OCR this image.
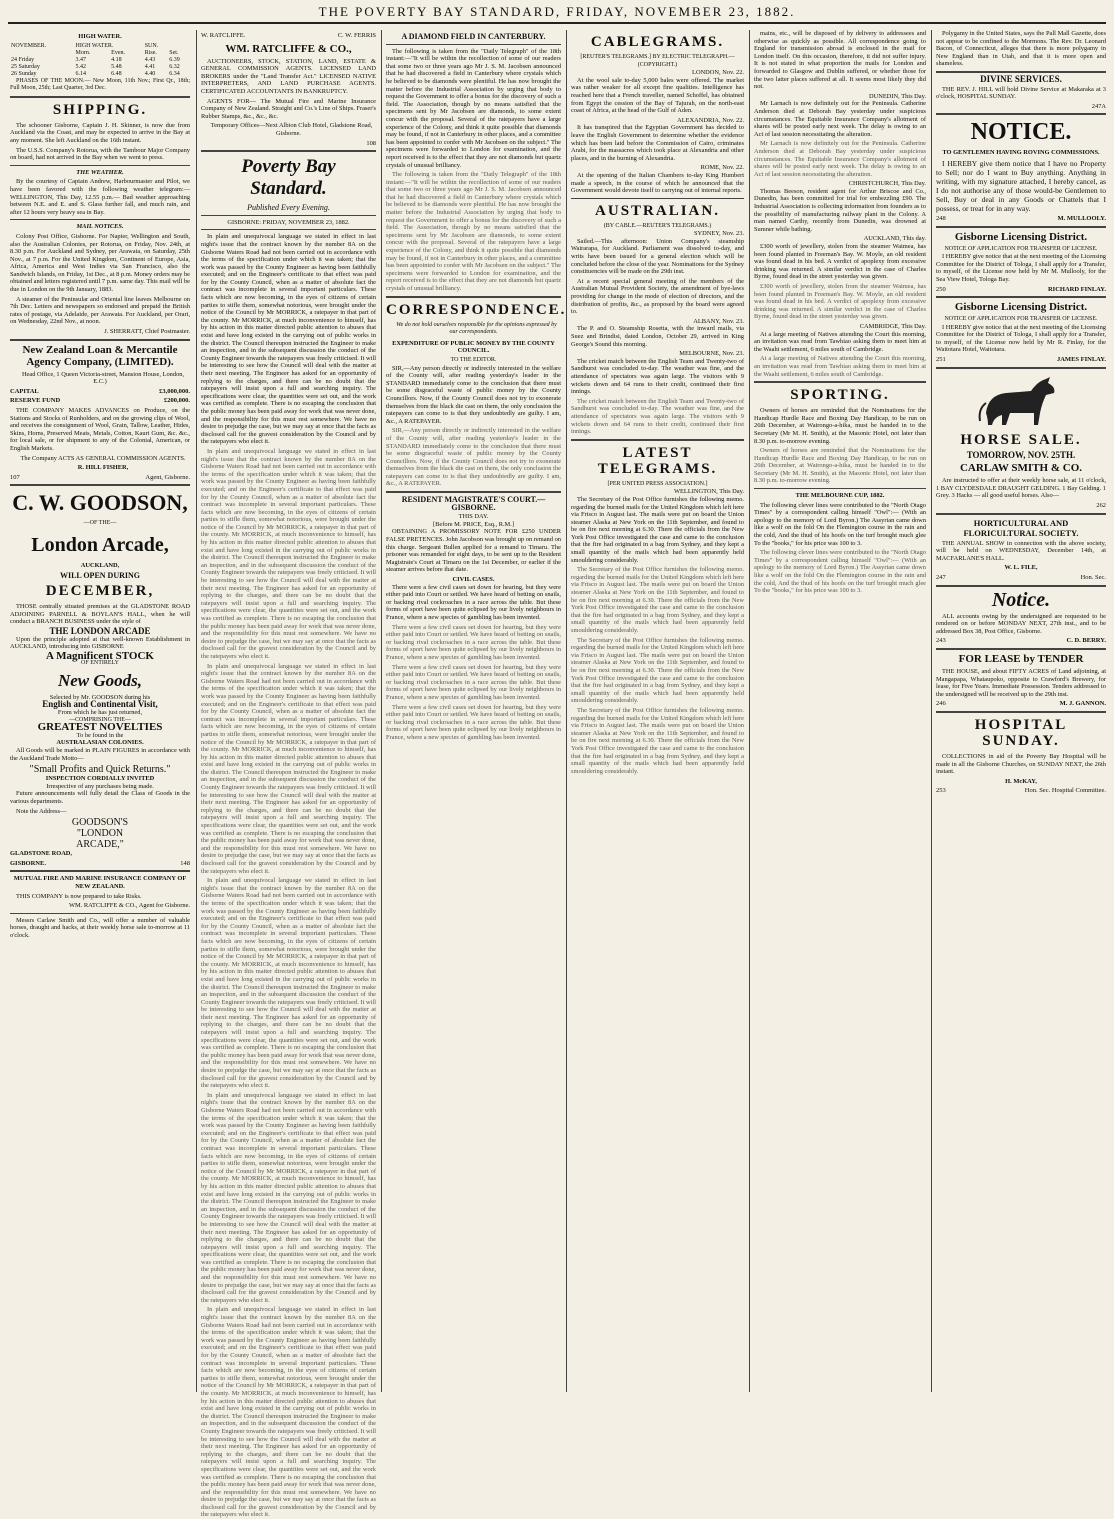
THE POVERTY BAY STANDARD, FRIDAY, NOVEMBER 23, 1882.
HIGH WATER.
NOVEMBER.	HIGH WATER.		SUN.	
	Morn.	Even.	Rise.	Set.
24 Friday	3.47	4.18	4.43	6.39
25 Saturday	5.42	5.48	4.41	6.32
26 Sunday	6.14	6.48	4.40	6.34

PHASES OF THE MOON.— New Moon, 11th Nov.; First Qr., 18th; Full Moon, 25th; Last Quarter, 3rd Dec.

SHIPPING.

The schooner Gisborne, Captain J. H. Skinner, is now due from Auckland via the Coast, and may be expected to arrive in the Bay at any moment. She left Auckland on the 16th instant.

The U.S.S. Company's Rotorua, with the Tambour Major Company on board, had not arrived in the Bay when we went to press.

THE WEATHER.

By the courtesy of Captain Andrew, Harbourmaster and Pilot, we have been favored with the following weather telegram:— WELLINGTON, This Day, 12.55 p.m.— Bad weather approaching between N.E. and E. and S. Glass further fall, and much rain, and after 12 hours very heavy sea in Bay.

MAIL NOTICES.

Colony Post Office, Gisborne. For Napier, Wellington and South, also the Australian Colonies, per Rotorua, on Friday, Nov. 24th, at 8.30 p.m. For Auckland and Sydney, per Arawata, on Saturday, 25th Nov., at 7 p.m. For the United Kingdom, Continent of Europe, Asia, Africa, America and West Indies via San Francisco, also the Sandwich Islands, on Friday, 1st Dec., at 8 p.m. Money orders may be obtained and letters registered until 7 p.m. same day. This mail will be due in London on the 9th January, 1883.

A steamer of the Peninsular and Oriental line leaves Melbourne on 7th Dec. Letters and newspapers so endorsed and prepaid the British rates of postage, via Adelaide, per Arawata. For Auckland, per Orari, on Wednesday, 22nd Nov., at noon.

J. SHERRATT, Chief Postmaster.

New Zealand Loan & Mercantile Agency Company, (LIMITED).

Head Office, 1 Queen Victoria-street, Mansion House, London, E.C.)

CAPITAL	£3,000,000.
RESERVE FUND	£200,000.

THE COMPANY MAKES ADVANCES on Produce, on the Stations and Stocks of Runholders, and on the growing clips of Wool, and receives the consignment of Wool, Grain, Tallow, Leather, Hides, Skins, Horns, Preserved Meats, Metals, Cotton, Kauri Gum, &c. &c., for local sale, or for shipment to any of the Colonial, American, or English Markets.

The Company ACTS AS GENERAL COMMISSION AGENTS.

R. HILL FISHER,

107	Agent, Gisborne.
C. W. GOODSON,
—OF THE—
London Arcade,
AUCKLAND,
WILL OPEN DURING
DECEMBER,

THOSE centrally situated premises at the GLADSTONE ROAD ADJOINING PARNELL & BOYLAN'S HALL, when he will conduct a BRANCH BUSINESS under the style of

THE LONDON ARCADE

Upon the principle adopted at that well-known Establishment in AUCKLAND, introducing into GISBORNE

A Magnificent STOCK
OF ENTIRELY
New Goods,
Selected by Mr. GOODSON during his
English and Continental Visit,
From which he has just returned,
—COMPRISING THE—
GREATEST NOVELTIES
To be found in the
AUSTRALASIAN COLONIES.

All Goods will be marked in PLAIN FIGURES in accordance with the Auckland Trade Motto—

"Small Profits and Quick Returns."
INSPECTION CORDIALLY INVITED
Irrespective of any purchases being made.

Future announcements will fully detail the Class of Goods in the various departments.

Note the Address—

GOODSON'S
"LONDON
ARCADE,"
GLADSTONE ROAD,
GISBORNE.	148
MUTUAL FIRE AND MARINE INSURANCE COMPANY OF NEW ZEALAND.

THIS COMPANY is now prepared to take Risks.

WM. RATCLIFFE & CO., Agent for Gisborne.

Messrs Carlaw Smith and Co., will offer a number of valuable horses, draught and hacks, at their weekly horse sale to-morrow at 11 o'clock.

W. RATCLIFFE.	C. W. FERRIS
WM. RATCLIFFE & CO.,

AUCTIONEERS, STOCK, STATION, LAND, ESTATE & GENERAL COMMISSION AGENTS. LICENSED LAND BROKERS under the "Land Transfer Act." LICENSED NATIVE INTERPRETERS, AND LAND PURCHASE AGENTS. CERTIFICATED ACCOUNTANTS IN BANKRUPTCY.

AGENTS FOR— The Mutual Fire and Marine Insurance Company of New Zealand. Straight and Co.'s Line of Ships. Fraser's Rubber Stamps, &c., &c., &c.

Temporary Offices—Next Albion Club Hotel, Gladstone Road, Gisborne.

108
Poverty Bay Standard.
Published Every Evening.
GISBORNE: FRIDAY, NOVEMBER 23, 1882.

In plain and unequivocal language we stated in effect in last night's issue that the contract known by the number 8A on the Gisborne Waters Road had not been carried out in accordance with the terms of the specification under which it was taken; that the work was passed by the County Engineer as having been faithfully executed; and on the Engineer's certificate to that effect was paid for by the County Council, when as a matter of absolute fact the contract was incomplete in several important particulars. These facts which are now becoming, in the eyes of citizens of certain parties to stifle them, somewhat notorious, were brought under the notice of the Council by Mr MORRICK, a ratepayer in that part of the county. Mr MORRICK, at much inconvenience to himself, has by his action in this matter directed public attention to abuses that exist and have long existed in the carrying out of public works in the district. The Council thereupon instructed the Engineer to make an inspection, and in the subsequent discussion the conduct of the County Engineer towards the ratepayers was freely criticised. It will be interesting to see how the Council will deal with the matter at their next meeting. The Engineer has asked for an opportunity of replying to the charges, and there can be no doubt that the ratepayers will insist upon a full and searching inquiry. The specifications were clear, the quantities were set out, and the work was certified as complete. There is no escaping the conclusion that the public money has been paid away for work that was never done, and the responsibility for this must rest somewhere. We have no desire to prejudge the case, but we may say at once that the facts as disclosed call for the gravest consideration by the Council and by the ratepayers who elect it.

In plain and unequivocal language we stated in effect in last night's issue that the contract known by the number 8A on the Gisborne Waters Road had not been carried out in accordance with the terms of the specification under which it was taken; that the work was passed by the County Engineer as having been faithfully executed; and on the Engineer's certificate to that effect was paid for by the County Council, when as a matter of absolute fact the contract was incomplete in several important particulars. These facts which are now becoming, in the eyes of citizens of certain parties to stifle them, somewhat notorious, were brought under the notice of the Council by Mr MORRICK, a ratepayer in that part of the county. Mr MORRICK, at much inconvenience to himself, has by his action in this matter directed public attention to abuses that exist and have long existed in the carrying out of public works in the district. The Council thereupon instructed the Engineer to make an inspection, and in the subsequent discussion the conduct of the County Engineer towards the ratepayers was freely criticised. It will be interesting to see how the Council will deal with the matter at their next meeting. The Engineer has asked for an opportunity of replying to the charges, and there can be no doubt that the ratepayers will insist upon a full and searching inquiry. The specifications were clear, the quantities were set out, and the work was certified as complete. There is no escaping the conclusion that the public money has been paid away for work that was never done, and the responsibility for this must rest somewhere. We have no desire to prejudge the case, but we may say at once that the facts as disclosed call for the gravest consideration by the Council and by the ratepayers who elect it.

In plain and unequivocal language we stated in effect in last night's issue that the contract known by the number 8A on the Gisborne Waters Road had not been carried out in accordance with the terms of the specification under which it was taken; that the work was passed by the County Engineer as having been faithfully executed; and on the Engineer's certificate to that effect was paid for by the County Council, when as a matter of absolute fact the contract was incomplete in several important particulars. These facts which are now becoming, in the eyes of citizens of certain parties to stifle them, somewhat notorious, were brought under the notice of the Council by Mr MORRICK, a ratepayer in that part of the county. Mr MORRICK, at much inconvenience to himself, has by his action in this matter directed public attention to abuses that exist and have long existed in the carrying out of public works in the district. The Council thereupon instructed the Engineer to make an inspection, and in the subsequent discussion the conduct of the County Engineer towards the ratepayers was freely criticised. It will be interesting to see how the Council will deal with the matter at their next meeting. The Engineer has asked for an opportunity of replying to the charges, and there can be no doubt that the ratepayers will insist upon a full and searching inquiry. The specifications were clear, the quantities were set out, and the work was certified as complete. There is no escaping the conclusion that the public money has been paid away for work that was never done, and the responsibility for this must rest somewhere. We have no desire to prejudge the case, but we may say at once that the facts as disclosed call for the gravest consideration by the Council and by the ratepayers who elect it.

In plain and unequivocal language we stated in effect in last night's issue that the contract known by the number 8A on the Gisborne Waters Road had not been carried out in accordance with the terms of the specification under which it was taken; that the work was passed by the County Engineer as having been faithfully executed; and on the Engineer's certificate to that effect was paid for by the County Council, when as a matter of absolute fact the contract was incomplete in several important particulars. These facts which are now becoming, in the eyes of citizens of certain parties to stifle them, somewhat notorious, were brought under the notice of the Council by Mr MORRICK, a ratepayer in that part of the county. Mr MORRICK, at much inconvenience to himself, has by his action in this matter directed public attention to abuses that exist and have long existed in the carrying out of public works in the district. The Council thereupon instructed the Engineer to make an inspection, and in the subsequent discussion the conduct of the County Engineer towards the ratepayers was freely criticised. It will be interesting to see how the Council will deal with the matter at their next meeting. The Engineer has asked for an opportunity of replying to the charges, and there can be no doubt that the ratepayers will insist upon a full and searching inquiry. The specifications were clear, the quantities were set out, and the work was certified as complete. There is no escaping the conclusion that the public money has been paid away for work that was never done, and the responsibility for this must rest somewhere. We have no desire to prejudge the case, but we may say at once that the facts as disclosed call for the gravest consideration by the Council and by the ratepayers who elect it.

In plain and unequivocal language we stated in effect in last night's issue that the contract known by the number 8A on the Gisborne Waters Road had not been carried out in accordance with the terms of the specification under which it was taken; that the work was passed by the County Engineer as having been faithfully executed; and on the Engineer's certificate to that effect was paid for by the County Council, when as a matter of absolute fact the contract was incomplete in several important particulars. These facts which are now becoming, in the eyes of citizens of certain parties to stifle them, somewhat notorious, were brought under the notice of the Council by Mr MORRICK, a ratepayer in that part of the county. Mr MORRICK, at much inconvenience to himself, has by his action in this matter directed public attention to abuses that exist and have long existed in the carrying out of public works in the district. The Council thereupon instructed the Engineer to make an inspection, and in the subsequent discussion the conduct of the County Engineer towards the ratepayers was freely criticised. It will be interesting to see how the Council will deal with the matter at their next meeting. The Engineer has asked for an opportunity of replying to the charges, and there can be no doubt that the ratepayers will insist upon a full and searching inquiry. The specifications were clear, the quantities were set out, and the work was certified as complete. There is no escaping the conclusion that the public money has been paid away for work that was never done, and the responsibility for this must rest somewhere. We have no desire to prejudge the case, but we may say at once that the facts as disclosed call for the gravest consideration by the Council and by the ratepayers who elect it.

In plain and unequivocal language we stated in effect in last night's issue that the contract known by the number 8A on the Gisborne Waters Road had not been carried out in accordance with the terms of the specification under which it was taken; that the work was passed by the County Engineer as having been faithfully executed; and on the Engineer's certificate to that effect was paid for by the County Council, when as a matter of absolute fact the contract was incomplete in several important particulars. These facts which are now becoming, in the eyes of citizens of certain parties to stifle them, somewhat notorious, were brought under the notice of the Council by Mr MORRICK, a ratepayer in that part of the county. Mr MORRICK, at much inconvenience to himself, has by his action in this matter directed public attention to abuses that exist and have long existed in the carrying out of public works in the district. The Council thereupon instructed the Engineer to make an inspection, and in the subsequent discussion the conduct of the County Engineer towards the ratepayers was freely criticised. It will be interesting to see how the Council will deal with the matter at their next meeting. The Engineer has asked for an opportunity of replying to the charges, and there can be no doubt that the ratepayers will insist upon a full and searching inquiry. The specifications were clear, the quantities were set out, and the work was certified as complete. There is no escaping the conclusion that the public money has been paid away for work that was never done, and the responsibility for this must rest somewhere. We have no desire to prejudge the case, but we may say at once that the facts as disclosed call for the gravest consideration by the Council and by the ratepayers who elect it.

A DIAMOND FIELD IN CANTERBURY.

The following is taken from the "Daily Telegraph" of the 18th instant:—"It will be within the recollection of some of our readers that some two or three years ago Mr J. S. M. Jacobsen announced that he had discovered a field in Canterbury where crystals which he believed to be diamonds were plentiful. He has now brought the matter before the Industrial Association by urging that body to request the Government to offer a bonus for the discovery of such a field. The Association, though by no means satisfied that the specimens sent by Mr Jacobsen are diamonds, to some extent concur with the proposal. Several of the ratepayers have a large experience of the Colony, and think it quite possible that diamonds may be found, if not in Canterbury in other places, and a committee has been appointed to confer with Mr Jacobsen on the subject." The specimens were forwarded to London for examination, and the report received is to the effect that they are not diamonds but quartz crystals of unusual brilliancy.

The following is taken from the "Daily Telegraph" of the 18th instant:—"It will be within the recollection of some of our readers that some two or three years ago Mr J. S. M. Jacobsen announced that he had discovered a field in Canterbury where crystals which he believed to be diamonds were plentiful. He has now brought the matter before the Industrial Association by urging that body to request the Government to offer a bonus for the discovery of such a field. The Association, though by no means satisfied that the specimens sent by Mr Jacobsen are diamonds, to some extent concur with the proposal. Several of the ratepayers have a large experience of the Colony, and think it quite possible that diamonds may be found, if not in Canterbury in other places, and a committee has been appointed to confer with Mr Jacobsen on the subject." The specimens were forwarded to London for examination, and the report received is to the effect that they are not diamonds but quartz crystals of unusual brilliancy.

CORRESPONDENCE.

We do not hold ourselves responsible for the opinions expressed by our correspondents.

EXPENDITURE OF PUBLIC MONEY BY THE COUNTY COUNCIL.
TO THE EDITOR.

SIR,—Any person directly or indirectly interested in the welfare of the County will, after reading yesterday's leader in the STANDARD immediately come to the conclusion that there must be some disgraceful waste of public money by the County Councillors. Now, if the County Council does not try to exonerate themselves from the black die cast on them, the only conclusion the ratepayers can come to is that they undoubtedly are guilty. I am, &c., A RATEPAYER.

SIR,—Any person directly or indirectly interested in the welfare of the County will, after reading yesterday's leader in the STANDARD immediately come to the conclusion that there must be some disgraceful waste of public money by the County Councillors. Now, if the County Council does not try to exonerate themselves from the black die cast on them, the only conclusion the ratepayers can come to is that they undoubtedly are guilty. I am, &c., A RATEPAYER.

RESIDENT MAGISTRATE'S COURT.—GISBORNE.
THIS DAY.
[Before M. PRICE, Esq., R.M.]

OBTAINING A PROMISSORY NOTE FOR £250 UNDER FALSE PRETENCES. John Jacobson was brought up on remand on this charge. Sergeant Bullen applied for a remand to Timaru. The prisoner was remanded for eight days, to be sent up to the Resident Magistrate's Court at Timaru on the 1st December, or earlier if the steamer arrives before that date.

CIVIL CASES.

There were a few civil cases set down for hearing, but they were either paid into Court or settled. We have heard of betting on snails, or backing rival cockroaches in a race across the table. But these forms of sport have been quite eclipsed by our lively neighbours in France, where a new species of gambling has been invented.

There were a few civil cases set down for hearing, but they were either paid into Court or settled. We have heard of betting on snails, or backing rival cockroaches in a race across the table. But these forms of sport have been quite eclipsed by our lively neighbours in France, where a new species of gambling has been invented.

There were a few civil cases set down for hearing, but they were either paid into Court or settled. We have heard of betting on snails, or backing rival cockroaches in a race across the table. But these forms of sport have been quite eclipsed by our lively neighbours in France, where a new species of gambling has been invented.

There were a few civil cases set down for hearing, but they were either paid into Court or settled. We have heard of betting on snails, or backing rival cockroaches in a race across the table. But these forms of sport have been quite eclipsed by our lively neighbours in France, where a new species of gambling has been invented.

CABLEGRAMS.
[REUTER'S TELEGRAMS.] BY ELECTRIC TELEGRAPH.—(COPYRIGHT.)
LONDON, Nov. 22.

At the wool sale to-day 5,000 bales were offered. The market was rather weaker for all except fine qualities. Intelligence has reached here that a French traveller, named Schoffel, has obtained from Egypt the cession of the Bay of Tajurah, on the north-east coast of Africa, at the head of the Gulf of Aden.

ALEXANDRIA, Nov. 22.

It has transpired that the Egyptian Government has decided to leave the English Government to determine whether the evidence which has been laid before the Commission of Cairo, criminates Arabi, for the massacres which took place at Alexandria and other places, and in the burning of Alexandria.

ROME, Nov. 22.

At the opening of the Italian Chambers to-day King Humbert made a speech, in the course of which he announced that the Government would devote itself to carrying out of internal reports.

AUSTRALIAN.
(BY CABLE.—REUTER'S TELEGRAMS.)
SYDNEY, Nov. 23.

Sailed.—This afternoon: Union Company's steamship Wairarapa, for Auckland. Parliament was dissolved to-day, and writs have been issued for a general election which will be concluded before the close of the year. Nominations for the Sydney constituencies will be made on the 29th inst.

At a recent special general meeting of the members of the Australian Mutual Provident Society, the amendment of bye-laws providing for change in the mode of election of directors, and the distribution of profits, &c., as proposed by the board were agreed to.

ALBANY, Nov. 23.

The P. and O. Steamship Rosetta, with the inward mails, via Suez and Brindisi, dated London, October 29, arrived in King George's Sound this morning.

MELBOURNE, Nov. 23.

The cricket match between the English Team and Twenty-two of Sandhurst was concluded to-day. The weather was fine, and the attendance of spectators was again large. The visitors with 9 wickets down and 64 runs to their credit, continued their first innings.

The cricket match between the English Team and Twenty-two of Sandhurst was concluded to-day. The weather was fine, and the attendance of spectators was again large. The visitors with 9 wickets down and 64 runs to their credit, continued their first innings.

LATEST TELEGRAMS.
[PER UNITED PRESS ASSOCIATION.]
WELLINGTON, This Day.

The Secretary of the Post Office furnishes the following memo. regarding the burned mails for the United Kingdom which left here via Frisco in August last. The mails were put on board the Union steamer Alaska at New York on the 11th September, and found to be on fire next morning at 6.30. There the officials from the New York Post Office investigated the case and came to the conclusion that the fire had originated in a bag from Sydney, and they kept a small quantity of the mails which had been apparently held smouldering considerably.

The Secretary of the Post Office furnishes the following memo. regarding the burned mails for the United Kingdom which left here via Frisco in August last. The mails were put on board the Union steamer Alaska at New York on the 11th September, and found to be on fire next morning at 6.30. There the officials from the New York Post Office investigated the case and came to the conclusion that the fire had originated in a bag from Sydney, and they kept a small quantity of the mails which had been apparently held smouldering considerably.

The Secretary of the Post Office furnishes the following memo. regarding the burned mails for the United Kingdom which left here via Frisco in August last. The mails were put on board the Union steamer Alaska at New York on the 11th September, and found to be on fire next morning at 6.30. There the officials from the New York Post Office investigated the case and came to the conclusion that the fire had originated in a bag from Sydney, and they kept a small quantity of the mails which had been apparently held smouldering considerably.

The Secretary of the Post Office furnishes the following memo. regarding the burned mails for the United Kingdom which left here via Frisco in August last. The mails were put on board the Union steamer Alaska at New York on the 11th September, and found to be on fire next morning at 6.30. There the officials from the New York Post Office investigated the case and came to the conclusion that the fire had originated in a bag from Sydney, and they kept a small quantity of the mails which had been apparently held smouldering considerably.

mains, etc., will be disposed of by delivery to addressees and otherwise as quickly as possible. All correspondence going to England for transmission abroad is enclosed in the mail for London itself. On this occasion, therefore, it did not suffer injury. It is not stated in what proportion the mails for London and forwarded to Glasgow and Dublin suffered, or whether those for the two latter places suffered at all. It seems most likely they did not.

DUNEDIN, This Day.

Mr Larnach is now definitely out for the Peninsula. Catherine Anderson died at Deborah Bay yesterday under suspicious circumstances. The Equitable Insurance Company's allotment of shares will be posted early next week. The delay is owing to an Act of last session necessitating the alteration.

Mr Larnach is now definitely out for the Peninsula. Catherine Anderson died at Deborah Bay yesterday under suspicious circumstances. The Equitable Insurance Company's allotment of shares will be posted early next week. The delay is owing to an Act of last session necessitating the alteration.

CHRISTCHURCH, This Day.

Thomas Beeson, resident agent for Arthur Briscoe and Co., Dunedin, has been committed for trial for embezzling £90. The Industrial Association is collecting information from founders as to the possibility of manufacturing railway plant in the Colony. A man named Carthy, recently from Dunedin, was drowned at Sumner while bathing.

AUCKLAND, This day.

£300 worth of jewellery, stolen from the steamer Waimea, has been found planted in Freeman's Bay. W. Moyle, an old resident was found dead in his bed. A verdict of apoplexy from excessive drinking was returned. A similar verdict in the case of Charles Byrne, found dead in the street yesterday was given.

£300 worth of jewellery, stolen from the steamer Waimea, has been found planted in Freeman's Bay. W. Moyle, an old resident was found dead in his bed. A verdict of apoplexy from excessive drinking was returned. A similar verdict in the case of Charles Byrne, found dead in the street yesterday was given.

CAMBRIDGE, This Day.

At a large meeting of Natives attending the Court this morning, an invitation was read from Tawhiao asking them to meet him at the Waahi settlement, 6 miles south of Cambridge.

At a large meeting of Natives attending the Court this morning, an invitation was read from Tawhiao asking them to meet him at the Waahi settlement, 6 miles south of Cambridge.

SPORTING.

Owners of horses are reminded that the Nominations for the Handicap Hurdle Race and Boxing Day Handicap, to be run on 26th December, at Wairongo-a-hika, must be handed in to the Secretary (Mr M. H. Smith), at the Masonic Hotel, not later than 8.30 p.m. to-morrow evening.

Owners of horses are reminded that the Nominations for the Handicap Hurdle Race and Boxing Day Handicap, to be run on 26th December, at Wairongo-a-hika, must be handed in to the Secretary (Mr M. H. Smith), at the Masonic Hotel, not later than 8.30 p.m. to-morrow evening.

THE MELBOURNE CUP, 1882.

The following clever lines were contributed to the "North Otago Times" by a correspondent calling himself "Owl":— (With an apology to the memory of Lord Byron.) The Assyrian came down like a wolf on the fold On the Flemington course in the rain and the cold, And the thud of his hoofs on the turf brought much glee To the "books," for his price was 100 to 3.

The following clever lines were contributed to the "North Otago Times" by a correspondent calling himself "Owl":— (With an apology to the memory of Lord Byron.) The Assyrian came down like a wolf on the fold On the Flemington course in the rain and the cold, And the thud of his hoofs on the turf brought much glee To the "books," for his price was 100 to 3.

Polygamy in the United States, says the Pall Mall Gazette, does not appear to be confined to the Mormons. The Rev. Dr. Leonard Bacon, of Connecticut, alleges that there is more polygamy in New England than in Utah, and that it is more open and shameless.

DIVINE SERVICES.

THE REV. J. HILL will hold Divine Service at Makaraka at 3 o'clock, HOSPITAL SUNDAY.

247A
NOTICE.
TO GENTLEMEN HAVING ROVING COMMISSIONS.

I HEREBY give them notice that I have no Property to Sell; nor do I want to Buy anything. Anything in writing, with my signature attached, I hereby cancel, as I do not authorise any of those would-be Gentlemen to Sell, Buy or deal in any Goods or Chattels that I possess, or treat for in any way.

248	M. MULLOOLY.
Gisborne Licensing District.
NOTICE OF APPLICATION FOR TRANSFER OF LICENSE.

I HEREBY give notice that at the next meeting of the Licensing Committee for the District of Tologa, I shall apply for a Transfer, to myself, of the License now held by Mr M. Mullooly, for the Sea View Hotel, Tologa Bay.

250	RICHARD FINLAY.
Gisborne Licensing District.
NOTICE OF APPLICATION FOR TRANSFER OF LICENSE.

I HEREBY give notice that at the next meeting of the Licensing Committee for the District of Tologa, I shall apply for a Transfer, to myself, of the License now held by Mr R. Finlay, for the Waitotara Hotel, Waitotara.

251	JAMES FINLAY.
HORSE SALE.
TOMORROW, NOV. 25TH.
CARLAW SMITH & CO.

Are instructed to offer at their weekly horse sale, at 11 o'clock, 1 BAY CLYDESDALE DRAUGHT GELDING. 1 Bay Gelding. 1 Grey. 3 Hacks — all good useful horses. Also—

262
HORTICULTURAL AND FLORICULTURAL SOCIETY.

THE ANNUAL SHOW in connection with the above society, will be held on WEDNESDAY, December 14th, at MACFARLANE'S HALL.

W. L. FILE,
247	Hon. Sec.
Notice.

ALL accounts owing by the undersigned are requested to be rendered on or before MONDAY NEXT, 27th inst., and to be addressed Box 38, Post Office, Gisborne.

243	C. D. BERRY.
FOR LEASE by TENDER

THE HOUSE, and about FIFTY ACRES of Land adjoining, at Mangapapa, Whataupoko, opposite to Crawford's Brewery, for lease, for Five Years. Immediate Possession. Tenders addressed to the undersigned will be received up to the 29th inst.

246	M. J. GANNON.
HOSPITAL SUNDAY.

COLLECTIONS in aid of the Poverty Bay Hospital will be made in all the Gisborne Churches, on SUNDAY NEXT, the 26th instant.

H. McKAY,
253	Hon. Sec. Hospital Committee.
